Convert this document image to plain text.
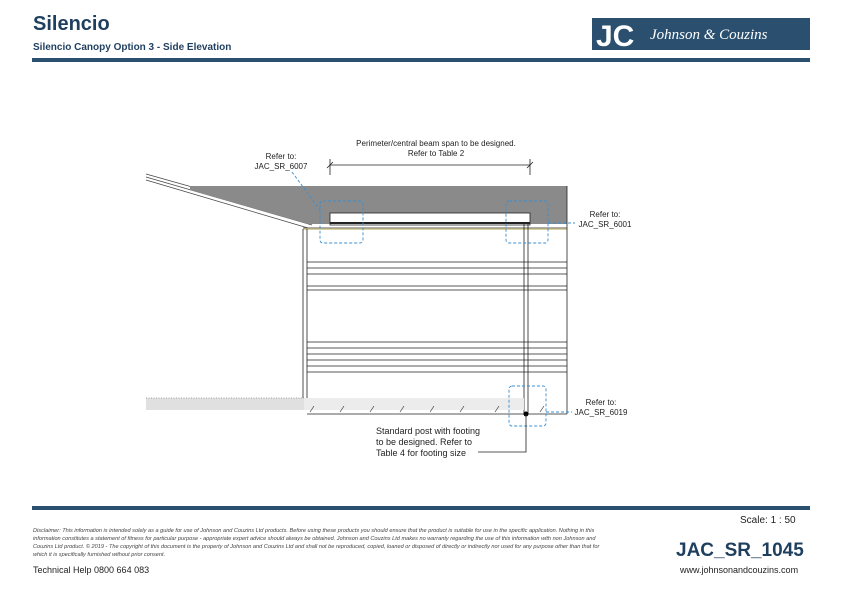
Silencio
Silencio Canopy Option 3 - Side Elevation	JC Johnson & Couzins
Perimeter/central beam span to be designed.
Refer to Table 2
Refer to:
JAC_SR_6007
Refer to:
JAC_SR_6001
Refer to:
JAC_SR_6019
Standard post with footing
to be designed. Refer to
Table 4 for footing size
Scale: 1 : 50
Disclaimer: This information is intended solely as a guide for use of Johnson and Couzins Ltd products. Before using these products you should ensure that the product is suitable for use in the specific application. Nothing in this information constitutes a statement of fitness for particular purpose - appropriate expert advice should always be obtained. Johnson and Couzins Ltd makes no warranty regarding the use of this information with non Johnson and Couzins Ltd product. © 2019 - The copyright of this document is the property of Johnson and Couzins Ltd and shall not be reproduced, copied, loaned or disposed of directly or indirectly nor used for any purpose other than that for which it is specifically furnished without prior consent.
Technical Help 0800 664 083
JAC_SR_1045
www.johnsonandcouzins.com
